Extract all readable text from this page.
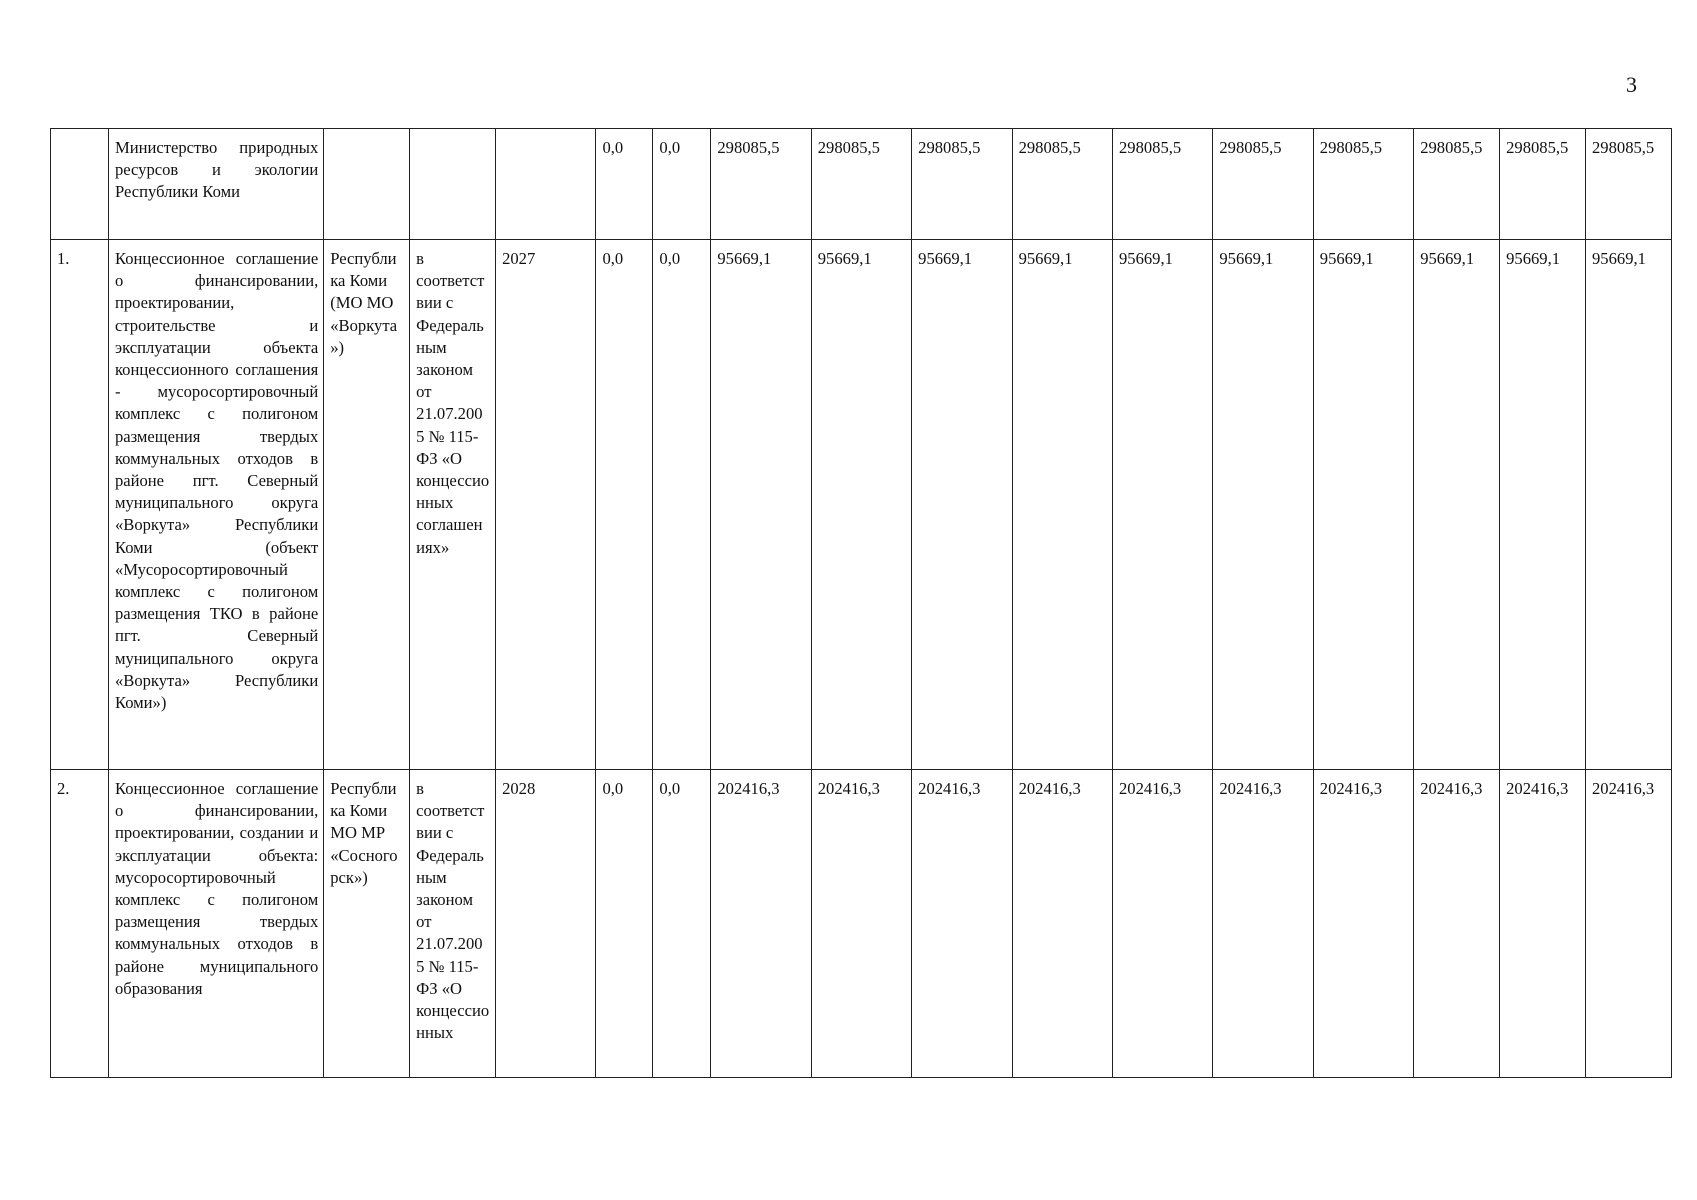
3
	Министерство природных ресурсов и экологии Республики Коми				0,0	0,0	298085,5	298085,5	298085,5	298085,5	298085,5	298085,5	298085,5	298085,5	298085,5	298085,5
1.	Концессионное соглашение о финансировании, проектировании, строительстве и эксплуатации объекта концессионного соглашения - мусоросортировочный комплекс с полигоном размещения твердых коммунальных отходов в районе пгт. Северный муниципального округа «Воркута» Республики Коми (объект «Мусоросортировочный комплекс с полигоном размещения ТКО в районе пгт. Северный муниципального округа «Воркута» Республики Коми»)	Республика Коми (МО МО «Воркута»)	в соответствии с Федеральным законом от 21.07.2005 № 115-ФЗ «О концессионных соглашениях»	2027	0,0	0,0	95669,1	95669,1	95669,1	95669,1	95669,1	95669,1	95669,1	95669,1	95669,1	95669,1
2.	Концессионное соглашение о финансировании, проектировании, создании и эксплуатации объекта: мусоросортировочный комплекс с полигоном размещения твердых коммунальных отходов в районе муниципального образования	Республика Коми МО МР «Сосногорск»)	в соответствии с Федеральным законом от 21.07.2005 № 115-ФЗ «О концессионных	2028	0,0	0,0	202416,3	202416,3	202416,3	202416,3	202416,3	202416,3	202416,3	202416,3	202416,3	202416,3
